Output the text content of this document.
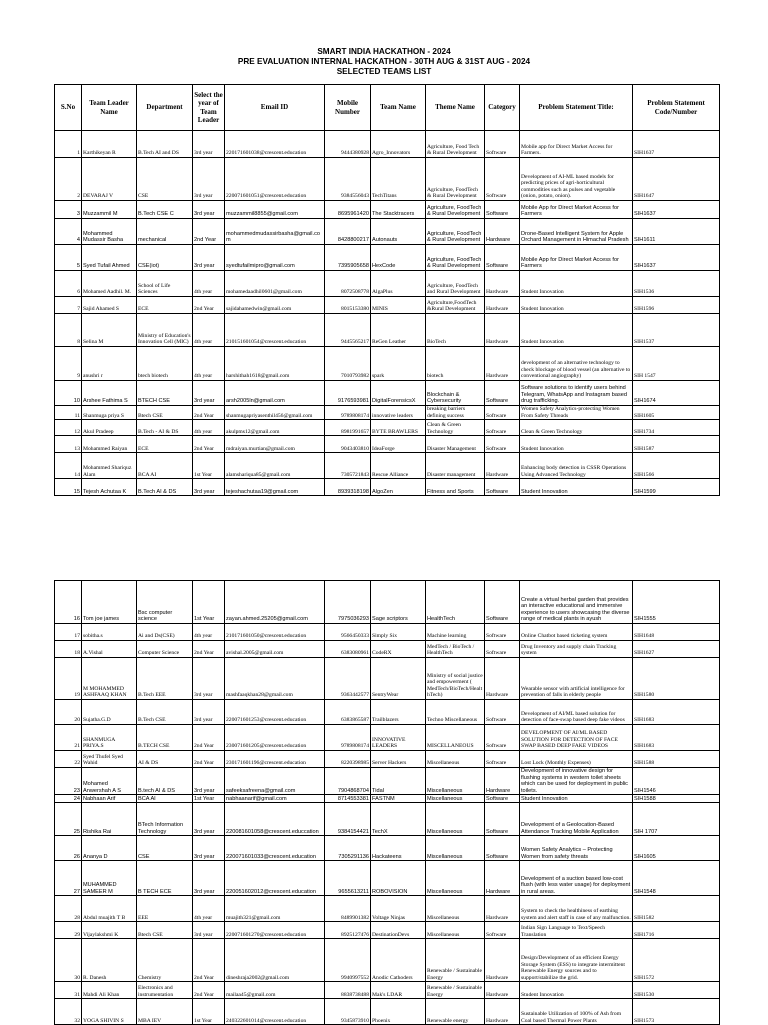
SMART INDIA HACKATHON - 2024
PRE EVALUATION INTERNAL HACKATHON - 30TH AUG & 31ST AUG - 2024
SELECTED TEAMS LIST
S.No	Team Leader Name	Department	Select the year of Team Leader	Email ID	Mobile Number	Team Name	Theme Name	Category	Problem Statement Title:	Problem Statement Code/Number
1	Karthikeyan R	B.Tech AI and DS	3rd year	220171601038@crescent.education	9444380928	Agro_Innovators	Agriculture, Food Tech & Rural Development	Software	Mobile app for Direct Market Access for Farmers.	SIH1637
2	DEVARAJ V	CSE	3rd year	220071601051@crescent.education	9384556043	TechTitans	Agriculture, FoodTech & Rural Development	Software	Development of AI-ML based models for predicting prices of agri-horticultural commodities such as pulses and vegetable (onion, potato, onion).	SIH1647
3	Muzzammil M	B.Tech CSE C	3rd year	muzzammil8855@gmail.com	8695961420	The Stacktracers	Agriculture, FoodTech & Rural Development	Software	Mobile App for Direct Market Access for Farmers	SIH1637
4	Mohammed Mudassir Basha	mechanical	2nd Year	mohammedmudassirbasha@gmail.com	8428800217	Autonauts	Agriculture, FoodTech & Rural Development	Hardware	Drone-Based Intelligent System for Apple Orchard Management in Himachal Pradesh	SIH1611
5	Syed Tufail Ahmed	CSE(iot)	3rd year	syedtufailmipro@gmail.com	7395905658	HexCode	Agriculture, FoodTech & Rural Development	Software	Mobile App for Direct Market Access for Farmers	SIH1637
6	Mohamed Aadhil. M.	School of Life Sciences	4th year	mohamedaadhil0601@gmail.com	8072508778	AlgaPlus	Agriculture, FoodTech and Rural Development	Hardware	Student Innovation	SIH1536
7	Sajid Ahamed S	ECE	2nd Year	sajidahamedwin@gmail.com	8015153380	MINIS	Agriculture,FoodTech &Rural Development	Hardware	Student Innovation	SIH1596
8	Selina M	Ministry of Education's Innovation Cell (MIC)	4th year	210151601054@crescent.education	9445565217	ReGen Leather	BioTech	Hardware	Student Innovation	SIH1537
9	anushri r	btech biotech	4th year	harshithah1618@gmail.com	7010793982	spark	biotech	Hardware	development of an alternative technology to check blockage of blood vessel (an alternative to conventional angiography)	SIH 1547
10	Arshee Fathima S	BTECH CSE	3rd year	arsh2005ln@gmail.com	9176593981	DigitalForensicsX	Blockchain & Cybersecurity	Software	Software solutions to identify users behind Telegram, WhatsApp and Instagram based drug trafficking.	SIH1674
11	Shanmuga priya S	Btech CSE	2nd Year	shanmugapriyasenthil456@gmail.com	9789808174	innovative leaders	breaking barriers defining success	Software	Women Safety Analytics-protecting Women From Safety Threads	SIH1605
12	Akul Pradeep	B.Tech - AI & DS	4th year	akulpms12@gmail.com	8981991657	BYTE BRAWLERS	Clean & Green Technology	Software	Clean & Green Technology	SIH1734
13	Mohammed Raiyan	ECE	2nd Year	mdraiyan.murtian@gmail.com	9043403810	IdeaForge	Disaster Management	Software	Student Innovation	SIH1587
14	Mohammed Shariquz Alam	BCA AI	1st Year	alamshariqua85@gmail.com	7305721843	Rescue Alliance	Disaster management	Hardware	Enhancing body detection in CSSR Operations Using Advanced Technology	SIH1566
15	Tejesh Achutaa K	B.Tech AI & DS	3rd year	tejeshachutaa19@gmail.com	8939318198	AlgoZen	Fitness and Sports	Software	Student Innovation	SIH1599
16	Tom joe james	Bsc computer science	1st Year	zayan.ahmed.25205@gmail.com	7975036293	Sage scriptors	HealthTech	Software	Create a virtual herbal garden that provides an interactive educational and immersive experience to users showcasing the diverse range of medical plants in ayush	SIH1555
17	sobitha.s	Ai and Ds(CSE)	4th year	210171601050@crescent.education	9566450333	Simply Six	Machine learning	Software	Online Chatbot based ticketing system	SIH1648
18	A.Vishal	Computer Science	2nd Year	avishal.2005@gmail.com	6383080961	CodeRX	MedTech / BioTech / HealthTech	Software	Drug Inventory and supply chain Tracking system	SIH1627
19	M MOHAMMED ASHFAAQ KHAN	B.Tech EEE	3rd year	mashfaaqkhan28@gmail.com	9363442577	SentryWear	Ministry of social justice and empowerment ( MedTech/BioTech/HealthTech)	Hardware	Wearable sensor with artificial intelligence for prevention of falls in elderly people	SIH1580
20	Sujatha.G.D	B.Tech CSE	3rd year	220071601253@crescent.education	6383865587	Trailblazers	Techno Miscellaneous	Software	Development of AI/ML based solution for detection of face-swap based deep fake videos	SIH1683
21	SHANMUGA PRIYA.S	B.TECH CSE	2nd Year	230071601205@crescent.education	9789808174	INNOVATIVE LEADERS	MISCELLANEOUS	Software	DEVELOPMENT OF AI/ML BASED SOLUTION FOR DETECTION OF FACE SWAP BASED DEEP FAKE VIDEOS	SIH1683
22	Syed Thufel Syed Wahid	AI & DS	2nd Year	230171601196@crescent.education	8220398985	Server Hackers	Miscellaneous	Software	Lost Lock (Monthly Expenses)	SIH1588
23	Mohamed Anwershah A S	B.tech AI & DS	3rd year	safeeksafreena@gmail.com	7904868704	Tidal	Miscellaneous	Hardware	Development of innovative design for flushing systems in western toilet sheets which can be used for deployment in public toilets.	SIH1546
24	Nabhaan Arif	BCA AI	1st Year	nabhaanarif@gmail.com	8714553381	FASTNM	Miscellaneous	Software	Student Innovation	SIH1588
25	Rishika Rai	BTech Information Technology	3rd year	220081601058@crescent.educcation	9384154421	TechX	Miscellaneous	Software	Development of a Geolocation-Based Attendance Tracking Mobile Application	SIH 1707
26	Ananya D	CSE	3rd year	220071601033@crescent.education	7305291136	Hackateens	Miscellaneous	Software	Women Safety Analytics – Protecting Women from safety threats	SIH1605
27	MUHAMMED SAMEER M	B TECH ECE	3rd year	220051602012@crescent.education	9655613211	ROBOVISION	Miscellaneous	Hardware	Development of a suction based low-cost flush (with less water usage) for deployment in rural areas.	SIH1548
28	Abdul muajith T B	EEE	4th year	muajith321@gmail.com	8489901382	Voltage Ninjas	Miscellaneous	Hardware	System to check the healthiness of earthing system and alert staff in case of any malfunction.	SIH1582
29	Vijaylakshmi K	Btech CSE	3rd year	220071601270@crescent.education	8925127476	DestinationDevs	Miscellaneous	Software	Indian Sign Language to Text/Speech Translation	SIH1716
30	R. Danesh	Chemistry	2nd Year	dineshraja2002@gmail.com	9940997552	Anodic Cathoders	Renewable / Sustainable Energy	Hardware	Design/Development of an efficient Energy Storage System (ESS) to integrate intermittent Renewable Energy sources and to support/stabilize the grid.	SIH1572
31	Mahdi Ali Khan	Electronics and instrumentation	2nd Year	mailaa45@gmail.com	8838738488	Mak's LDAR	Renewable / Sustainable Energy	Hardware	Student Innovation	SIH1530
32	YOGA SHIVIN S	MBA IEV	1st Year	240322601014@crescent.education	9345873910	Phoenix	Renewable energy	Hardware	Sustainable Utilization of 100% of Ash from Coal based Thermal Power Plants	SIH1573
